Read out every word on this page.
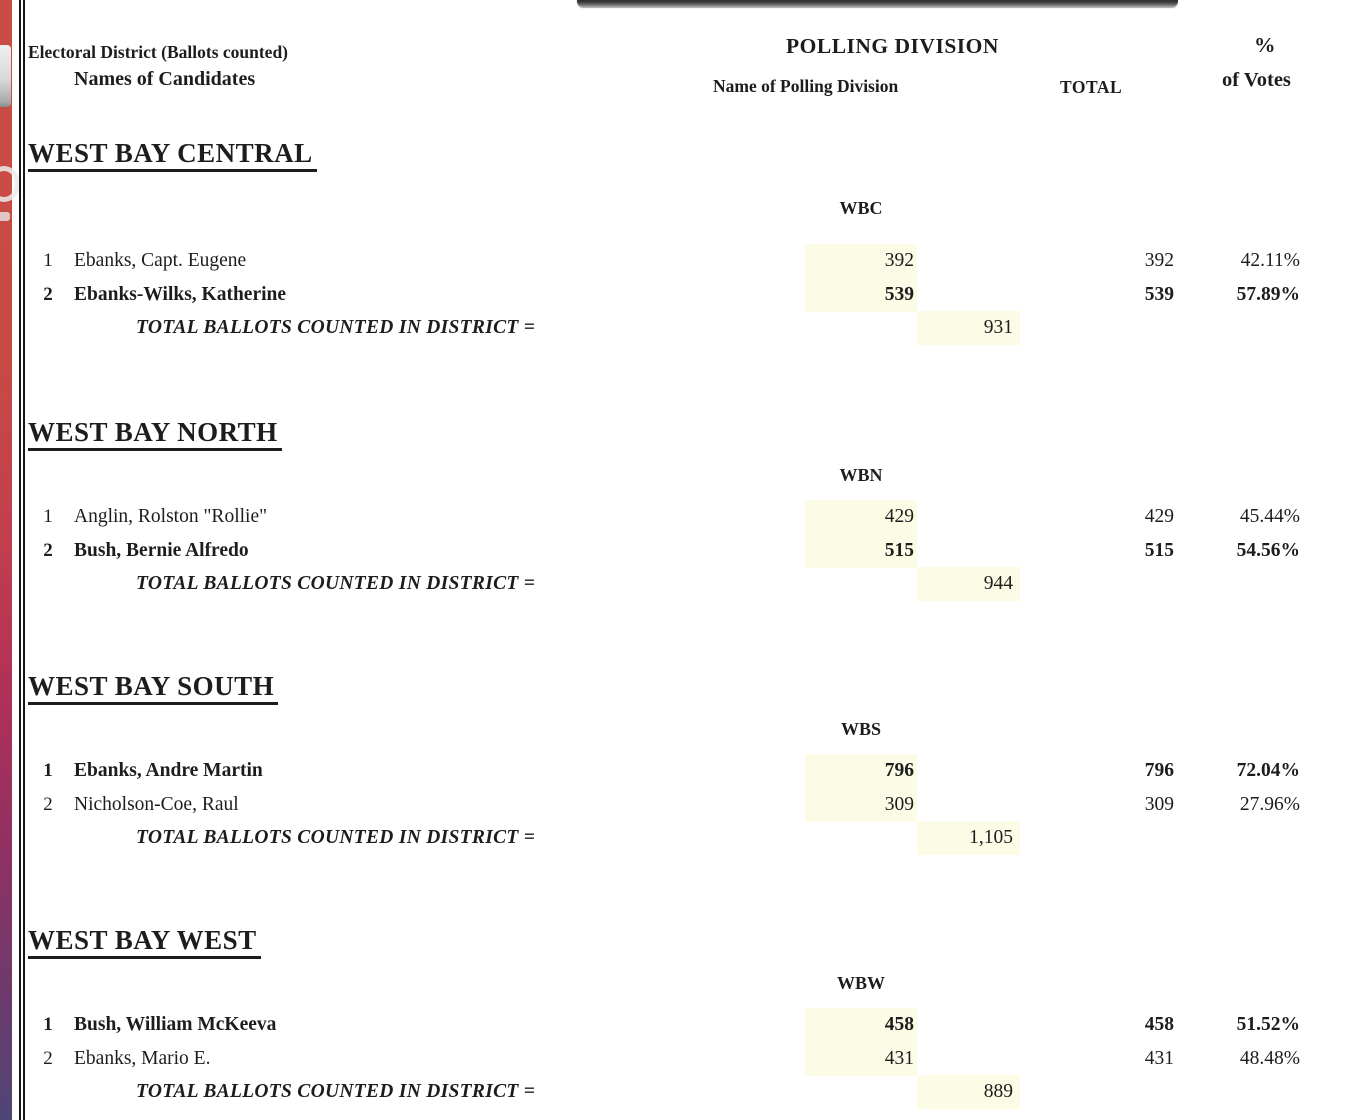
Electoral District (Ballots counted)
Names of Candidates
POLLING DIVISION
Name of Polling Division	TOTAL
%
of Votes
WEST BAY CENTRAL
WBC
1 Ebanks, Capt. Eugene	392	392	42.11%
2 Ebanks-Wilks, Katherine	539	539	57.89%
TOTAL BALLOTS COUNTED IN DISTRICT =	931
WEST BAY NORTH
WBN
1 Anglin, Rolston "Rollie"	429	429	45.44%
2 Bush, Bernie Alfredo	515	515	54.56%
TOTAL BALLOTS COUNTED IN DISTRICT =	944
WEST BAY SOUTH
WBS
1 Ebanks, Andre Martin	796	796	72.04%
2 Nicholson-Coe, Raul	309	309	27.96%
TOTAL BALLOTS COUNTED IN DISTRICT =	1,105
WEST BAY WEST
WBW
1 Bush, William McKeeva	458	458	51.52%
2 Ebanks, Mario E.	431	431	48.48%
TOTAL BALLOTS COUNTED IN DISTRICT =	889
